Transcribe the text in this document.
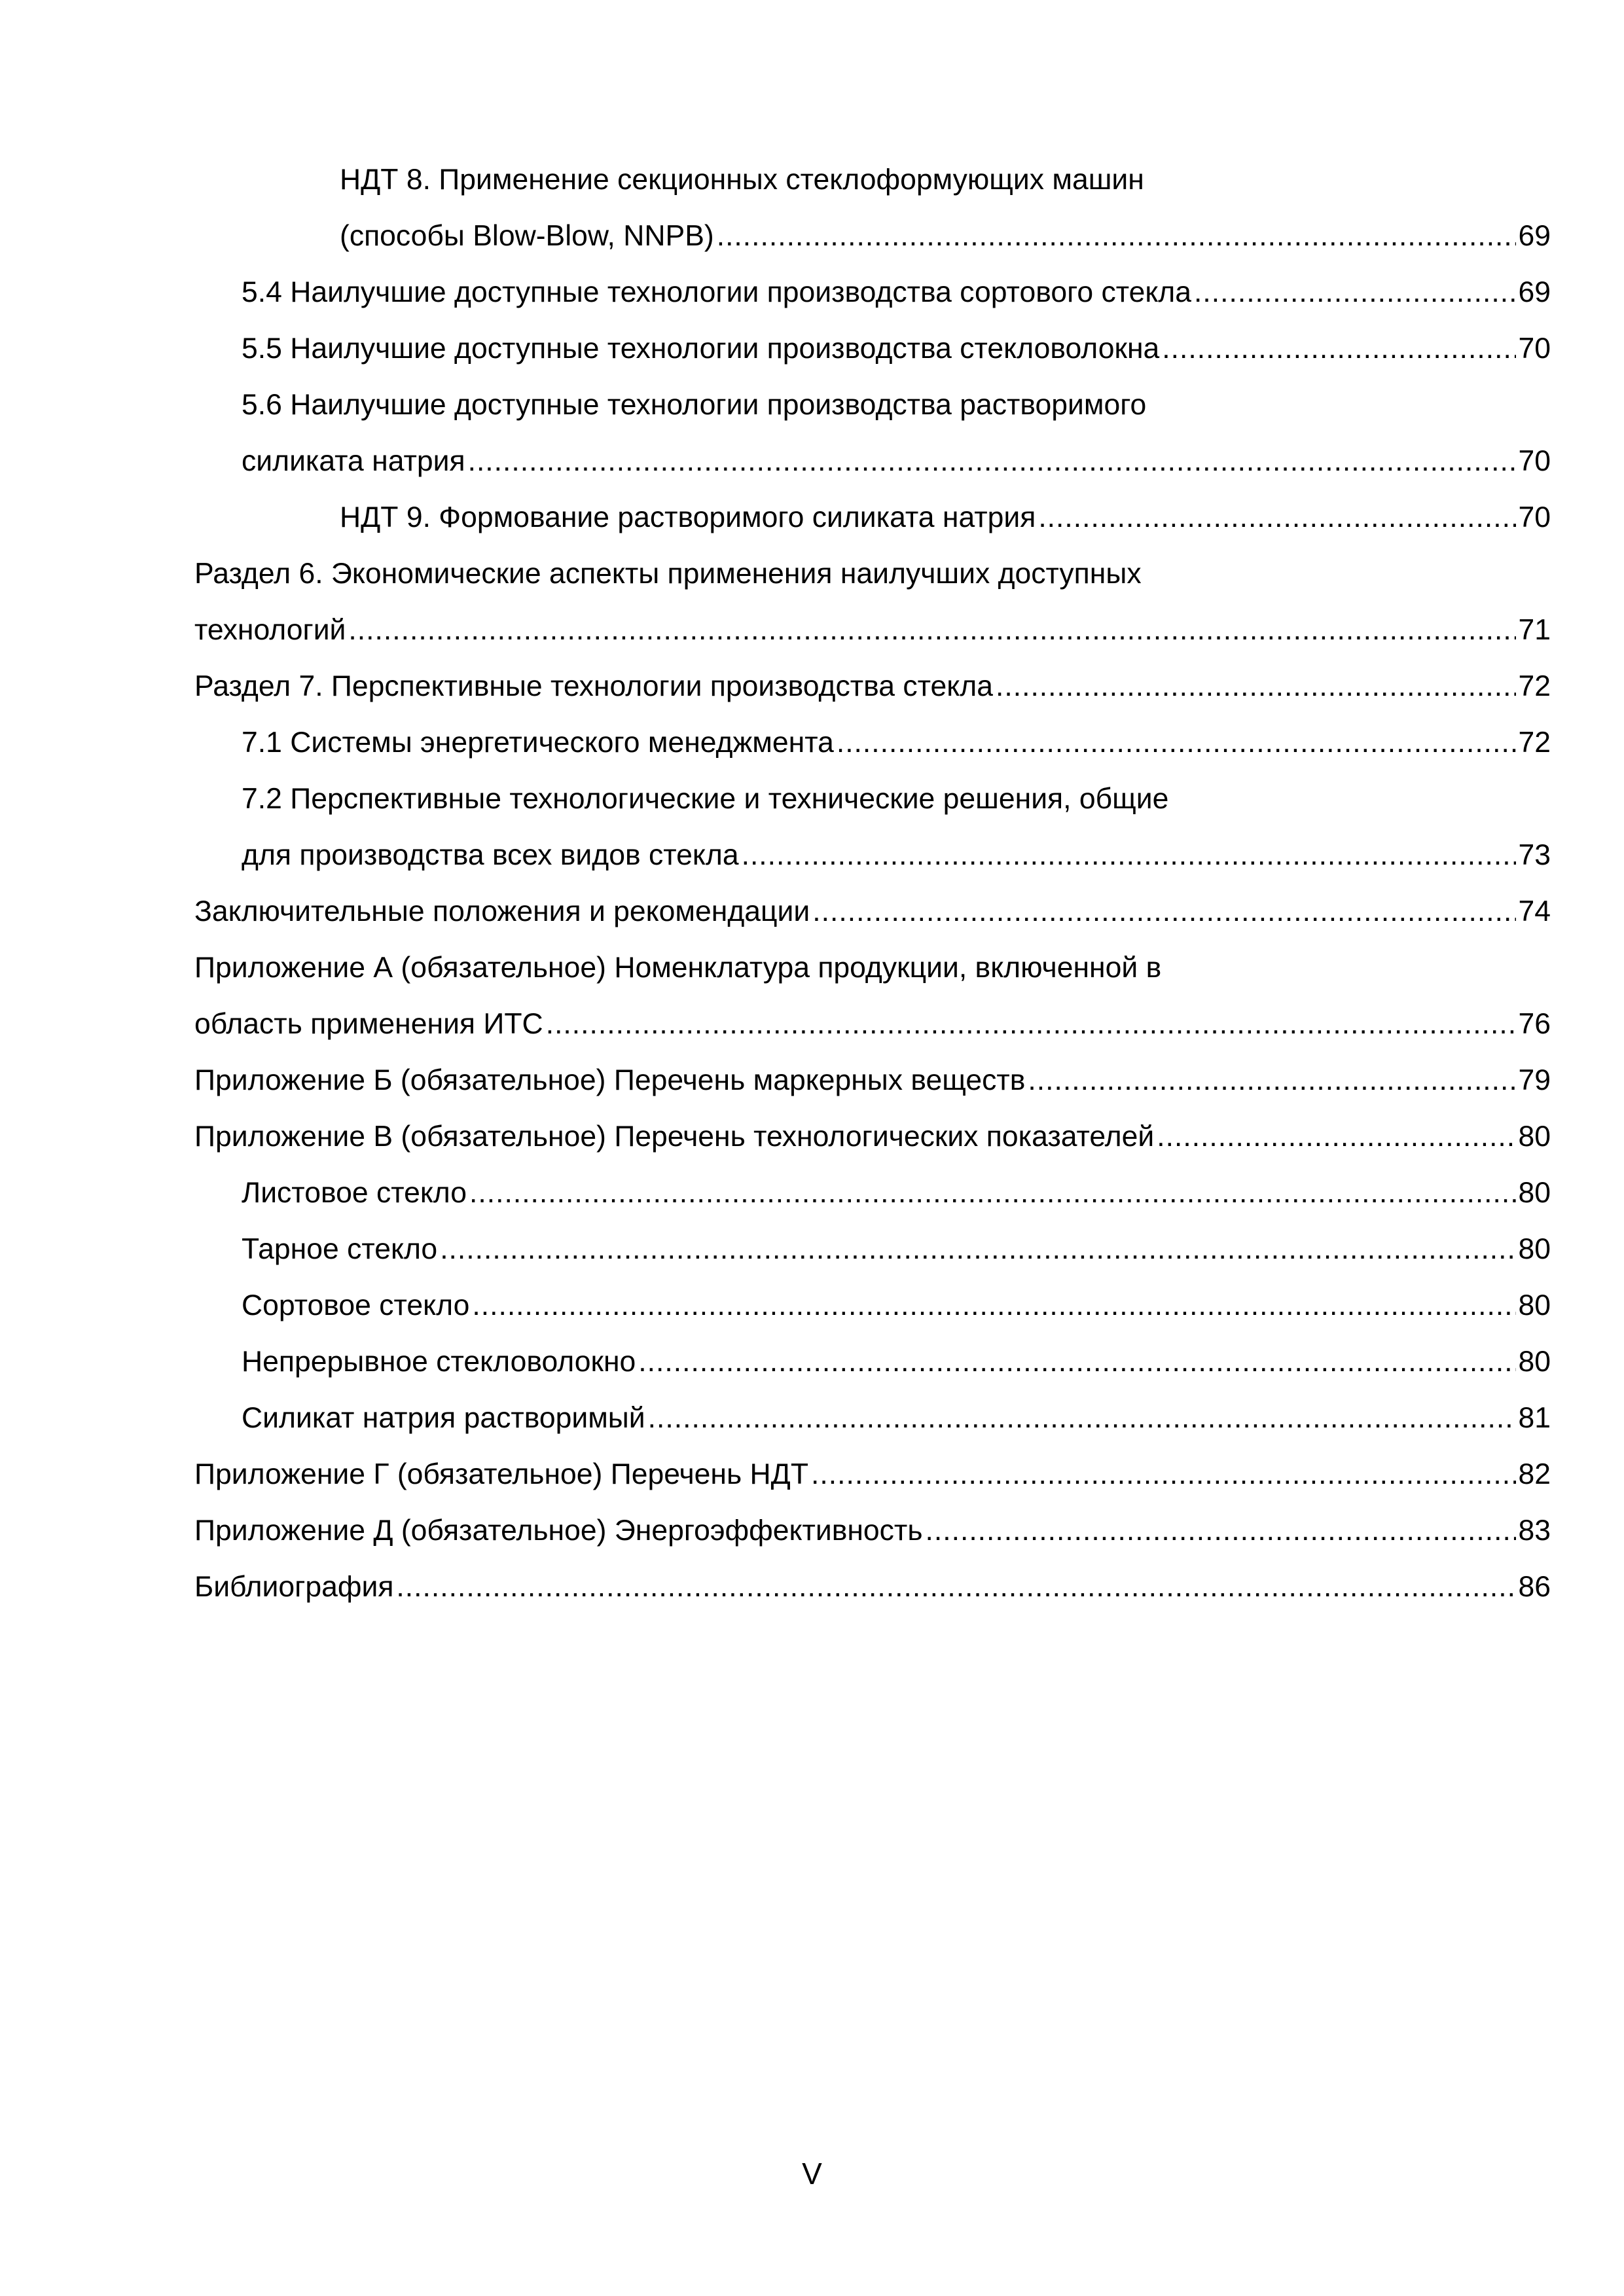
НДТ 8. Применение секционных стеклоформующих машин
(способы Blow-Blow, NNPB) .....	69
5.4 Наилучшие доступные технологии производства сортового стекла .....	69
5.5 Наилучшие доступные технологии производства стекловолокна .....	70
5.6 Наилучшие доступные технологии производства растворимого
силиката натрия .....	70
НДТ 9. Формование растворимого силиката натрия .....	70
Раздел 6. Экономические аспекты применения наилучших доступных
технологий .....	71
Раздел 7. Перспективные технологии производства стекла .....	72
7.1 Системы энергетического менеджмента .....	72
7.2 Перспективные технологические и технические решения, общие
для производства всех видов стекла .....	73
Заключительные положения и рекомендации .....	74
Приложение А (обязательное) Номенклатура продукции, включенной в
область применения ИТС .....	76
Приложение Б (обязательное) Перечень маркерных веществ .....	79
Приложение В (обязательное) Перечень технологических показателей .....	80
Листовое стекло .....	80
Тарное стекло .....	80
Сортовое стекло .....	80
Непрерывное стекловолокно .....	80
Силикат натрия растворимый .....	81
Приложение Г (обязательное) Перечень НДТ .....	82
Приложение Д (обязательное) Энергоэффективность .....	83
Библиография .....	86
V
